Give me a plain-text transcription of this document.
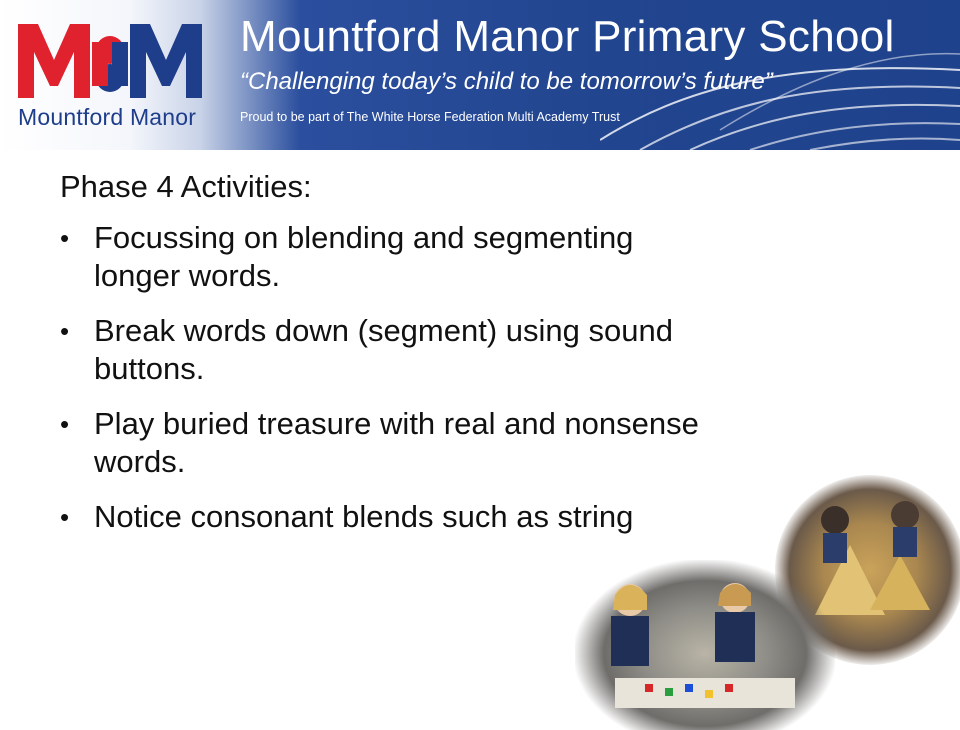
Mountford Manor
Mountford Manor Primary School
“Challenging today’s child to be tomorrow’s future”
Proud to be part of The White Horse Federation Multi Academy Trust
Phase 4 Activities:
• Focussing on blending and segmenting longer words.
• Break words down (segment) using sound buttons.
• Play buried treasure with real and nonsense words.
• Notice consonant blends such as string
